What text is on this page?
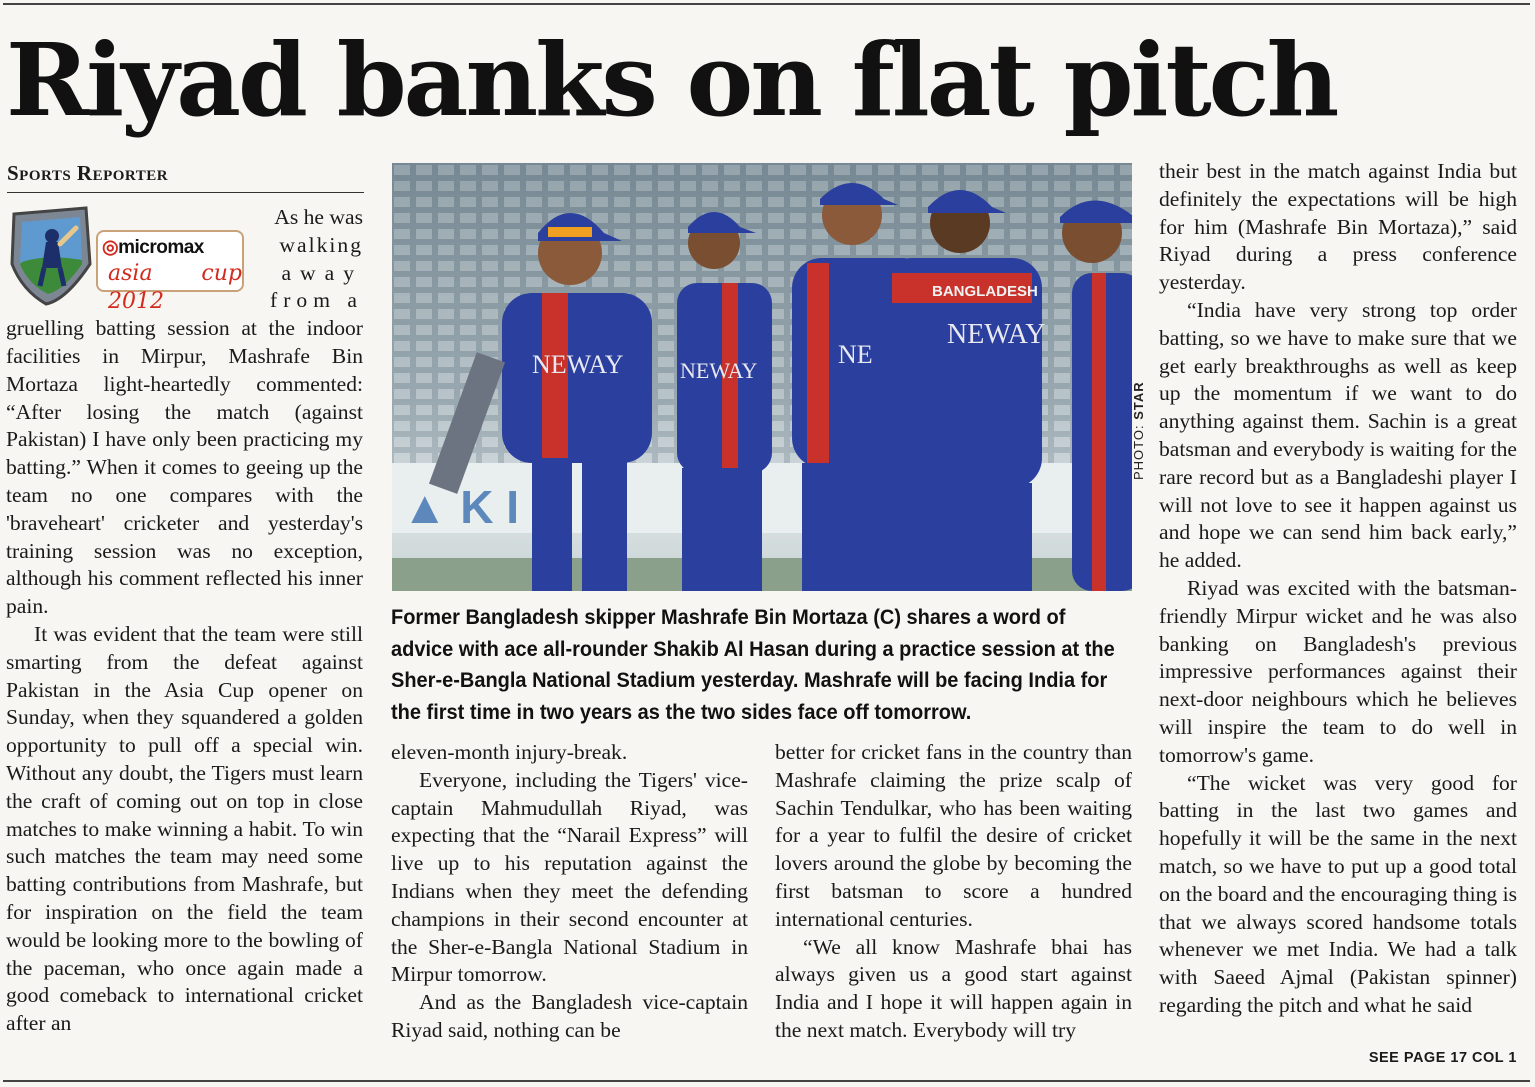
Riyad banks on flat pitch
Sports Reporter
◎micromax
asia cup 2012

As he was

walking

away

from a

gruelling batting session at the indoor facilities in Mirpur, Mashrafe Bin Mortaza light-heartedly commented: “After losing the match (against Pakistan) I have only been practicing my batting.” When it comes to geeing up the team no one compares with the 'braveheart' cricketer and yesterday's training session was no exception, although his comment reflected his inner pain.

It was evident that the team were still smarting from the defeat against Pakistan in the Asia Cup opener on Sunday, when they squandered a golden opportunity to pull off a special win. Without any doubt, the Tigers must learn the craft of coming out on top in close matches to make winning a habit. To win such matches the team may need some batting contributions from Mashrafe, but for inspiration on the field the team would be looking more to the bowling of the paceman, who once again made a good comeback to international cricket after an

▲ K I
NEWAY	NEWAY
NE
BANGLADESH
NEWAY
PHOTO: STAR
Former Bangladesh skipper Mashrafe Bin Mortaza (C) shares a word of advice with ace all-rounder Shakib Al Hasan during a practice session at the Sher-e-Bangla National Stadium yesterday. Mashrafe will be facing India for the first time in two years as the two sides face off tomorrow.

eleven-month injury-break.

Everyone, including the Tigers' vice-captain Mahmudullah Riyad, was expecting that the “Narail Express” will live up to his reputation against the Indians when they meet the defending champions in their second encounter at the Sher-e-Bangla National Stadium in Mirpur tomorrow.

And as the Bangladesh vice-captain Riyad said, nothing can be

better for cricket fans in the country than Mashrafe claiming the prize scalp of Sachin Tendulkar, who has been waiting for a year to fulfil the desire of cricket lovers around the globe by becoming the first batsman to score a hundred international centuries.

“We all know Mashrafe bhai has always given us a good start against India and I hope it will happen again in the next match. Everybody will try

their best in the match against India but definitely the expectations will be high for him (Mashrafe Bin Mortaza),” said Riyad during a press conference yesterday.

“India have very strong top order batting, so we have to make sure that we get early breakthroughs as well as keep up the momentum if we want to do anything against them. Sachin is a great batsman and everybody is waiting for the rare record but as a Bangladeshi player I will not love to see it happen against us and hope we can send him back early,” he added.

Riyad was excited with the batsman-friendly Mirpur wicket and he was also banking on Bangladesh's previous impressive performances against their next-door neighbours which he believes will inspire the team to do well in tomorrow's game.

“The wicket was very good for batting in the last two games and hopefully it will be the same in the next match, so we have to put up a good total on the board and the encouraging thing is that we always scored handsome totals whenever we met India. We had a talk with Saeed Ajmal (Pakistan spinner) regarding the pitch and what he said

SEE PAGE 17 COL 1
